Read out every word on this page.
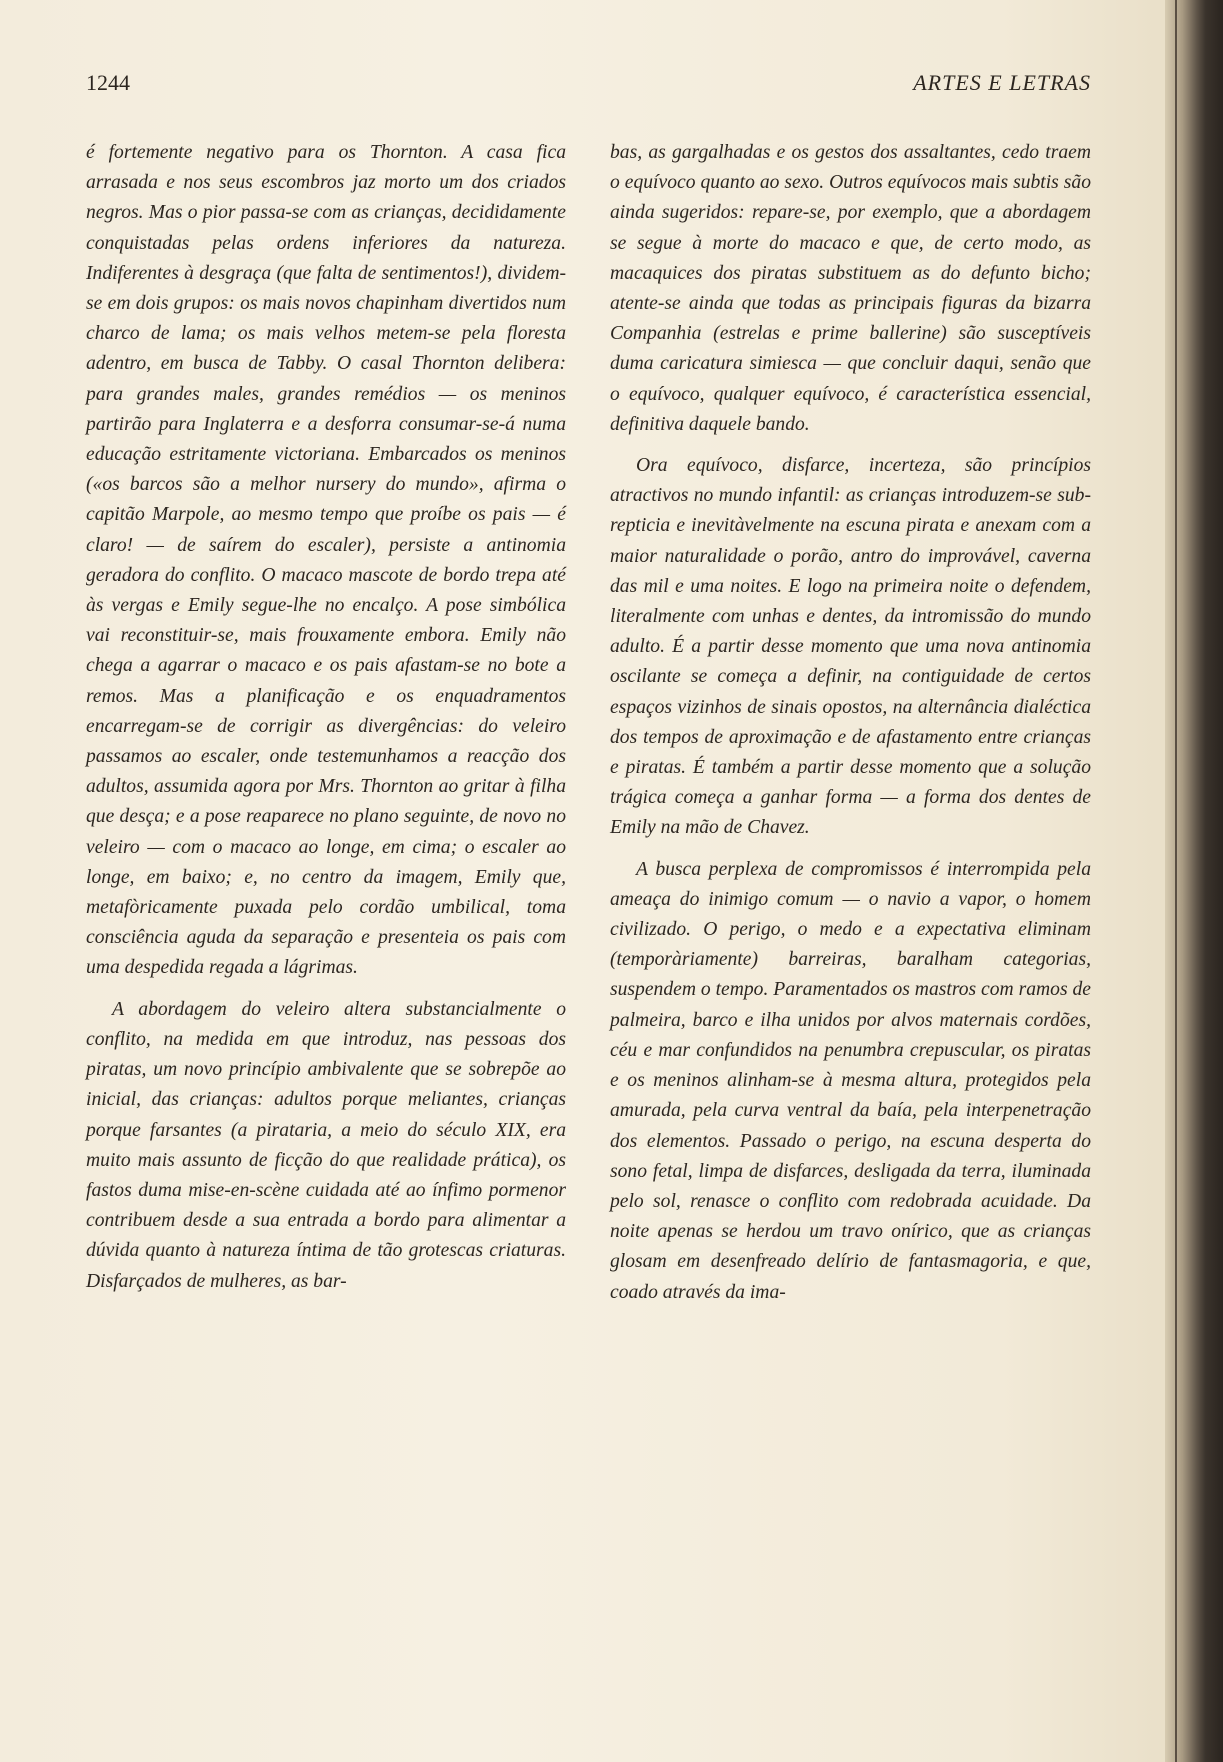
1244	ARTES E LETRAS

é fortemente negativo para os Thornton. A casa fica arrasada e nos seus escombros jaz morto um dos criados negros. Mas o pior passa-se com as crianças, decididamente conquistadas pelas ordens inferiores da natureza. Indiferentes à desgraça (que falta de sentimentos!), dividem-se em dois grupos: os mais novos chapinham divertidos num charco de lama; os mais velhos metem-se pela floresta adentro, em busca de Tabby. O casal Thornton delibera: para grandes males, grandes remédios — os meninos partirão para Inglaterra e a desforra consumar-se-á numa educação estritamente victoriana. Embarcados os meninos («os barcos são a melhor nursery do mundo», afirma o capitão Marpole, ao mesmo tempo que proíbe os pais — é claro! — de saírem do escaler), persiste a antinomia geradora do conflito. O macaco mascote de bordo trepa até às vergas e Emily segue-lhe no encalço. A pose simbólica vai reconstituir-se, mais frouxamente embora. Emily não chega a agarrar o macaco e os pais afastam-se no bote a remos. Mas a planificação e os enquadramentos encarregam-se de corrigir as divergências: do veleiro passamos ao escaler, onde testemunhamos a reacção dos adultos, assumida agora por Mrs. Thornton ao gritar à filha que desça; e a pose reaparece no plano seguinte, de novo no veleiro — com o macaco ao longe, em cima; o escaler ao longe, em baixo; e, no centro da imagem, Emily que, metafòricamente puxada pelo cordão umbilical, toma consciência aguda da separação e presenteia os pais com uma despedida regada a lágrimas.

A abordagem do veleiro altera substancialmente o conflito, na medida em que introduz, nas pessoas dos piratas, um novo princípio ambivalente que se sobrepõe ao inicial, das crianças: adultos porque meliantes, crianças porque farsantes (a pirataria, a meio do século XIX, era muito mais assunto de ficção do que realidade prática), os fastos duma mise-en-scène cuidada até ao ínfimo pormenor contribuem desde a sua entrada a bordo para alimentar a dúvida quanto à natureza íntima de tão grotescas criaturas. Disfarçados de mulheres, as bar-

bas, as gargalhadas e os gestos dos assaltantes, cedo traem o equívoco quanto ao sexo. Outros equívocos mais subtis são ainda sugeridos: repare-se, por exemplo, que a abordagem se segue à morte do macaco e que, de certo modo, as macaquices dos piratas substituem as do defunto bicho; atente-se ainda que todas as principais figuras da bizarra Companhia (estrelas e prime ballerine) são susceptíveis duma caricatura simiesca — que concluir daqui, senão que o equívoco, qualquer equívoco, é característica essencial, definitiva daquele bando.

Ora equívoco, disfarce, incerteza, são princípios atractivos no mundo infantil: as crianças introduzem-se sub-repticia e inevitàvelmente na escuna pirata e anexam com a maior naturalidade o porão, antro do improvável, caverna das mil e uma noites. E logo na primeira noite o defendem, literalmente com unhas e dentes, da intromissão do mundo adulto. É a partir desse momento que uma nova antinomia oscilante se começa a definir, na contiguidade de certos espaços vizinhos de sinais opostos, na alternância dialéctica dos tempos de aproximação e de afastamento entre crianças e piratas. É também a partir desse momento que a solução trágica começa a ganhar forma — a forma dos dentes de Emily na mão de Chavez.

A busca perplexa de compromissos é interrompida pela ameaça do inimigo comum — o navio a vapor, o homem civilizado. O perigo, o medo e a expectativa eliminam (temporàriamente) barreiras, baralham categorias, suspendem o tempo. Paramentados os mastros com ramos de palmeira, barco e ilha unidos por alvos maternais cordões, céu e mar confundidos na penumbra crepuscular, os piratas e os meninos alinham-se à mesma altura, protegidos pela amurada, pela curva ventral da baía, pela interpenetração dos elementos. Passado o perigo, na escuna desperta do sono fetal, limpa de disfarces, desligada da terra, iluminada pelo sol, renasce o conflito com redobrada acuidade. Da noite apenas se herdou um travo onírico, que as crianças glosam em desenfreado delírio de fantasmagoria, e que, coado através da ima-
